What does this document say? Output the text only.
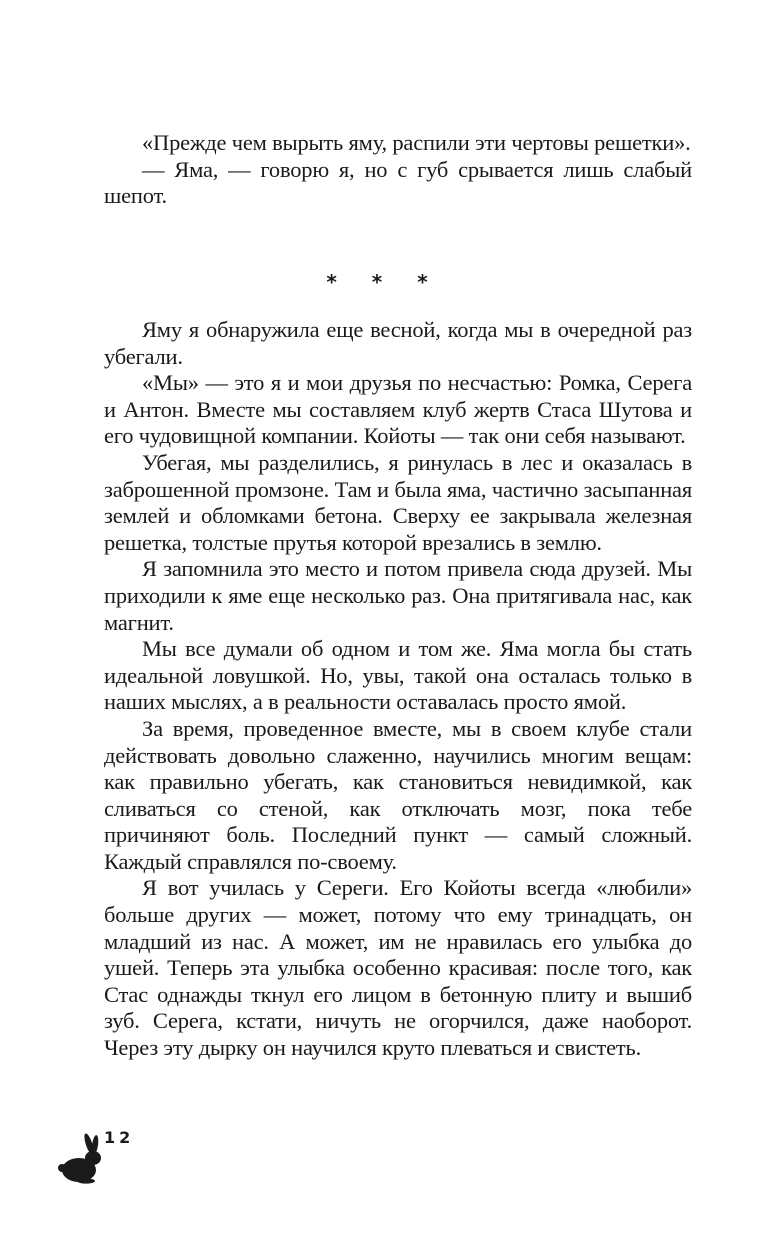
«Прежде чем вырыть яму, распили эти чертовы решетки».

— Яма, — говорю я, но с губ срывается лишь слабый шепот.

* * *

Яму я обнаружила еще весной, когда мы в очередной раз убегали.

«Мы» — это я и мои друзья по несчастью: Ромка, Серега и Антон. Вместе мы составляем клуб жертв Стаса Шутова и его чудовищной компании. Койоты — так они себя называют.

Убегая, мы разделились, я ринулась в лес и оказалась в заброшенной промзоне. Там и была яма, частично засыпанная землей и обломками бетона. Сверху ее закрывала железная решетка, толстые прутья которой врезались в землю.

Я запомнила это место и потом привела сюда друзей. Мы приходили к яме еще несколько раз. Она притягивала нас, как магнит.

Мы все думали об одном и том же. Яма могла бы стать идеальной ловушкой. Но, увы, такой она осталась только в наших мыслях, а в реальности оставалась просто ямой.

За время, проведенное вместе, мы в своем клубе стали действовать довольно слаженно, научились многим вещам: как правильно убегать, как становиться невидимкой, как сливаться со стеной, как отключать мозг, пока тебе причиняют боль. Последний пункт — самый сложный. Каждый справлялся по-своему.

Я вот училась у Сереги. Его Койоты всегда «любили» больше других — может, потому что ему тринадцать, он младший из нас. А может, им не нравилась его улыбка до ушей. Теперь эта улыбка особенно красивая: после того, как Стас однажды ткнул его лицом в бетонную плиту и вышиб зуб. Серега, кстати, ничуть не огорчился, даже наоборот. Через эту дырку он научился круто плеваться и свистеть.

12
